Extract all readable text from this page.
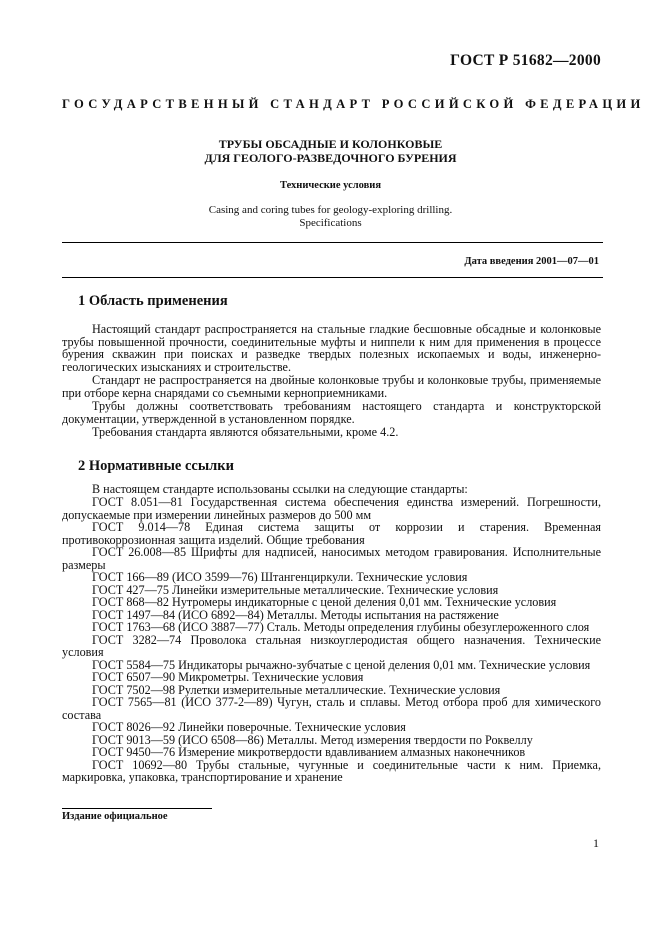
ГОСТ Р 51682—2000
ГОСУДАРСТВЕННЫЙ СТАНДАРТ РОССИЙСКОЙ ФЕДЕРАЦИИ
ТРУБЫ ОБСАДНЫЕ И КОЛОНКОВЫЕ
ДЛЯ ГЕОЛОГО-РАЗВЕДОЧНОГО БУРЕНИЯ
Технические условия
Casing and coring tubes for geology-exploring drilling.
Specifications
Дата введения 2001—07—01
1 Область применения

Настоящий стандарт распространяется на стальные гладкие бесшовные обсадные и колонковые трубы повышенной прочности, соединительные муфты и ниппели к ним для применения в процессе бурения скважин при поисках и разведке твердых полезных ископаемых и воды, инженерно-геологических изысканиях и строительстве.

Стандарт не распространяется на двойные колонковые трубы и колонковые трубы, применяемые при отборе керна снарядами со съемными керноприемниками.

Трубы должны соответствовать требованиям настоящего стандарта и конструкторской документации, утвержденной в установленном порядке.

Требования стандарта являются обязательными, кроме 4.2.

2 Нормативные ссылки

В настоящем стандарте использованы ссылки на следующие стандарты:

ГОСТ 8.051—81 Государственная система обеспечения единства измерений. Погрешности, допускаемые при измерении линейных размеров до 500 мм
ГОСТ 9.014—78 Единая система защиты от коррозии и старения. Временная противокоррозионная защита изделий. Общие требования
ГОСТ 26.008—85 Шрифты для надписей, наносимых методом гравирования. Исполнительные размеры
ГОСТ 166—89 (ИСО 3599—76) Штангенциркули. Технические условия
ГОСТ 427—75 Линейки измерительные металлические. Технические условия
ГОСТ 868—82 Нутромеры индикаторные с ценой деления 0,01 мм. Технические условия
ГОСТ 1497—84 (ИСО 6892—84) Металлы. Методы испытания на растяжение
ГОСТ 1763—68 (ИСО 3887—77) Сталь. Методы определения глубины обезуглероженного слоя
ГОСТ 3282—74 Проволока стальная низкоуглеродистая общего назначения. Технические условия
ГОСТ 5584—75 Индикаторы рычажно-зубчатые с ценой деления 0,01 мм. Технические условия
ГОСТ 6507—90 Микрометры. Технические условия
ГОСТ 7502—98 Рулетки измерительные металлические. Технические условия
ГОСТ 7565—81 (ИСО 377-2—89) Чугун, сталь и сплавы. Метод отбора проб для химического состава
ГОСТ 8026—92 Линейки поверочные. Технические условия
ГОСТ 9013—59 (ИСО 6508—86) Металлы. Метод измерения твердости по Роквеллу
ГОСТ 9450—76 Измерение микротвердости вдавливанием алмазных наконечников
ГОСТ 10692—80 Трубы стальные, чугунные и соединительные части к ним. Приемка, маркировка, упаковка, транспортирование и хранение
Издание официальное
1
